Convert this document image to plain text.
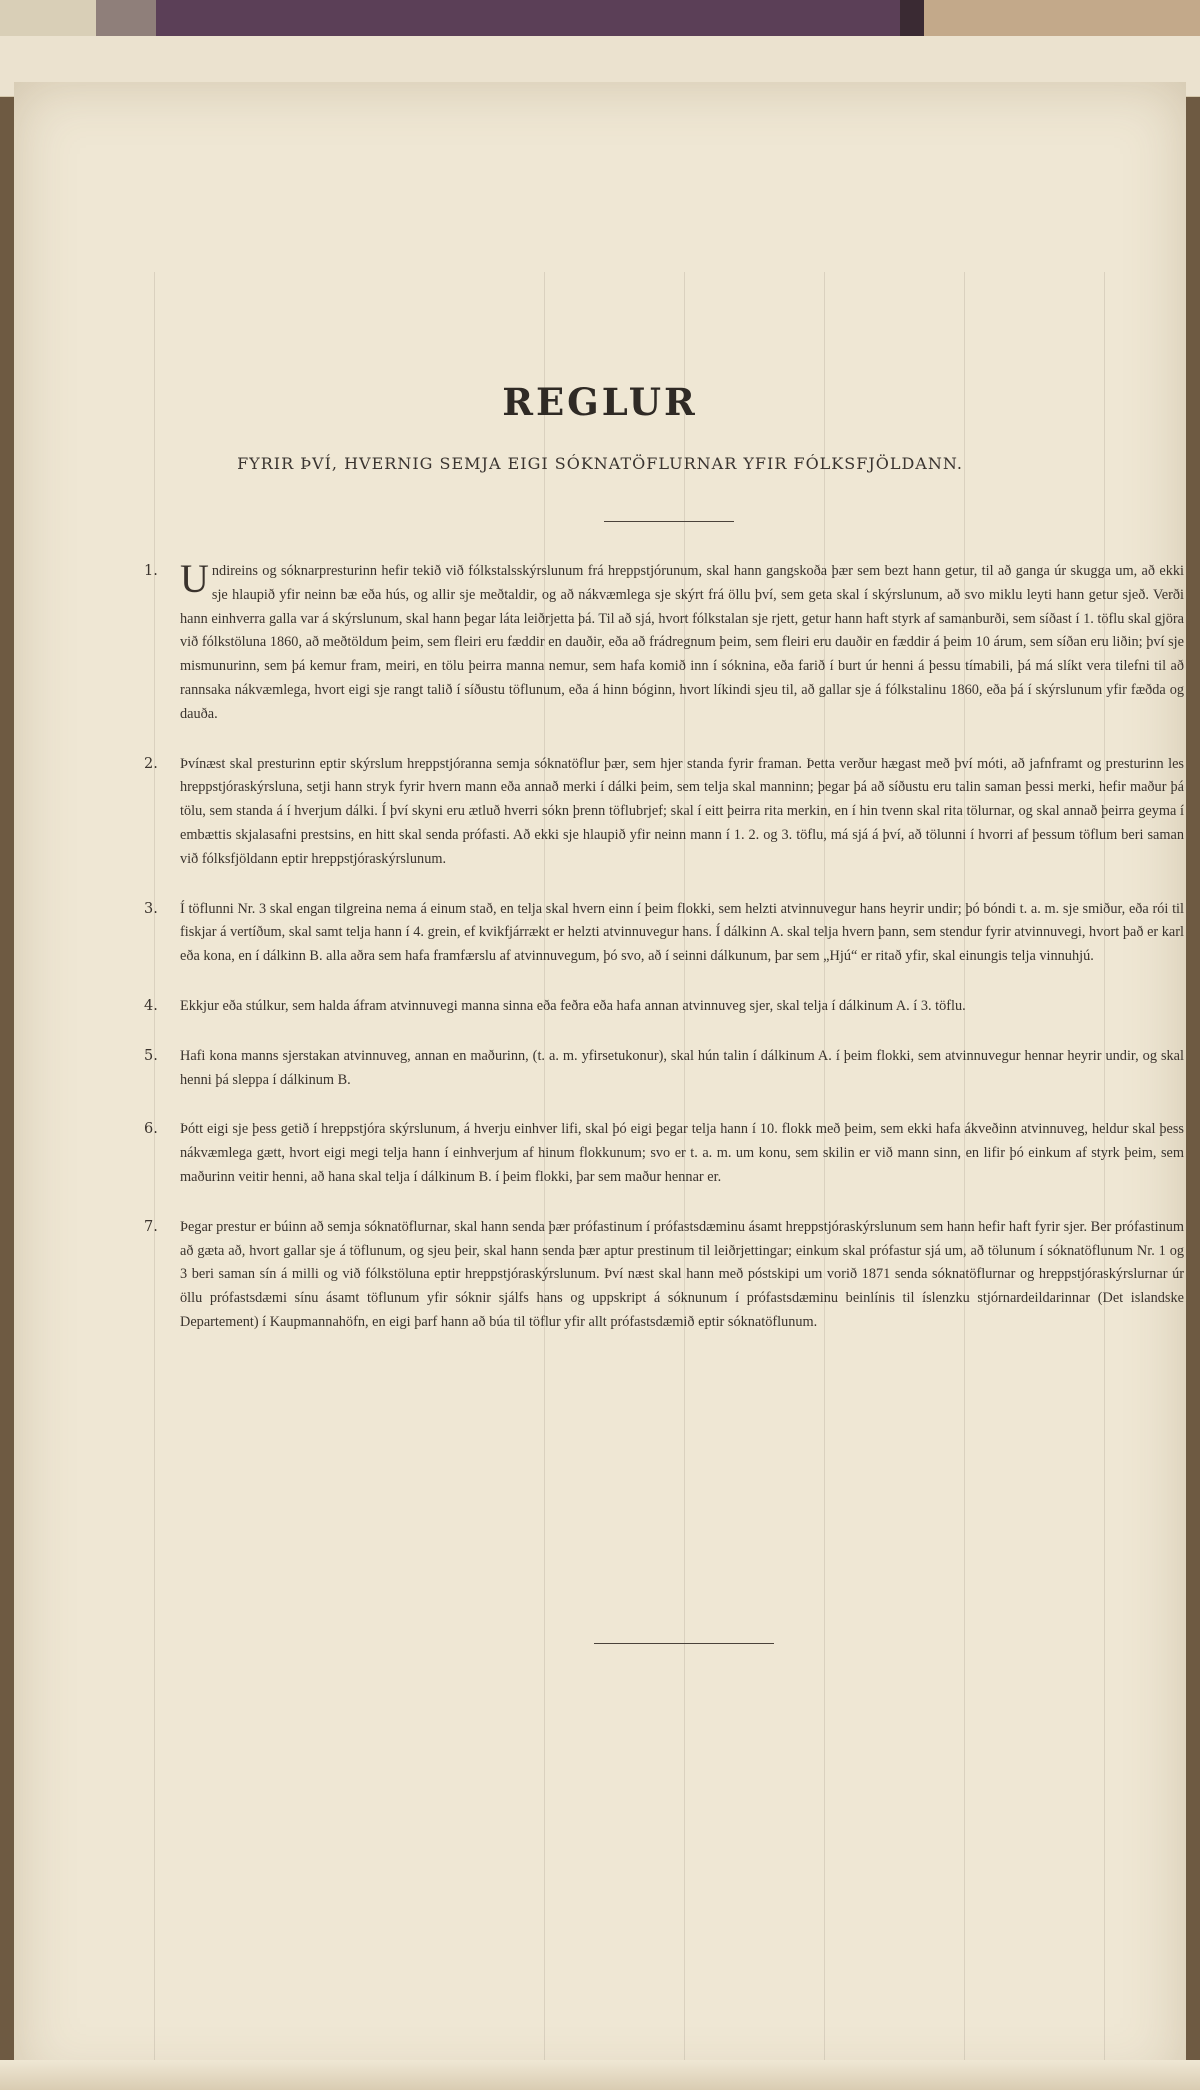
REGLUR
FYRIR ÞVÍ, HVERNIG SEMJA EIGI SÓKNATÖFLURNAR YFIR FÓLKSFJÖLDANN.
1.	Undireins og sóknarpresturinn hefir tekið við fólkstalsskýrslunum frá hreppstjórunum, skal hann gangskoða þær sem bezt hann getur, til að ganga úr skugga um, að ekki sje hlaupið yfir neinn bæ eða hús, og allir sje meðtaldir, og að nákvæmlega sje skýrt frá öllu því, sem geta skal í skýrslunum, að svo miklu leyti hann getur sjeð. Verði hann einhverra galla var á skýrslunum, skal hann þegar láta leiðrjetta þá. Til að sjá, hvort fólkstalan sje rjett, getur hann haft styrk af samanburði, sem síðast í 1. töflu skal gjöra við fólkstöluna 1860, að meðtöldum þeim, sem fleiri eru fæddir en dauðir, eða að frádregnum þeim, sem fleiri eru dauðir en fæddir á þeim 10 árum, sem síðan eru liðin; því sje mismunurinn, sem þá kemur fram, meiri, en tölu þeirra manna nemur, sem hafa komið inn í sóknina, eða farið í burt úr henni á þessu tímabili, þá má slíkt vera tilefni til að rannsaka nákvæmlega, hvort eigi sje rangt talið í síðustu töflunum, eða á hinn bóginn, hvort líkindi sjeu til, að gallar sje á fólkstalinu 1860, eða þá í skýrslunum yfir fæðda og dauða.
2.	Þvínæst skal presturinn eptir skýrslum hreppstjóranna semja sóknatöflur þær, sem hjer standa fyrir framan. Þetta verður hægast með því móti, að jafnframt og presturinn les hreppstjóraskýrsluna, setji hann stryk fyrir hvern mann eða annað merki í dálki þeim, sem telja skal manninn; þegar þá að síðustu eru talin saman þessi merki, hefir maður þá tölu, sem standa á í hverjum dálki. Í því skyni eru ætluð hverri sókn þrenn töflubrjef; skal í eitt þeirra rita merkin, en í hin tvenn skal rita tölurnar, og skal annað þeirra geyma í embættis skjalasafni prestsins, en hitt skal senda prófasti. Að ekki sje hlaupið yfir neinn mann í 1. 2. og 3. töflu, má sjá á því, að tölunni í hvorri af þessum töflum beri saman við fólksfjöldann eptir hreppstjóraskýrslunum.
3.	Í töflunni Nr. 3 skal engan tilgreina nema á einum stað, en telja skal hvern einn í þeim flokki, sem helzti atvinnuvegur hans heyrir undir; þó bóndi t. a. m. sje smiður, eða rói til fiskjar á vertíðum, skal samt telja hann í 4. grein, ef kvikfjárrækt er helzti atvinnuvegur hans. Í dálkinn A. skal telja hvern þann, sem stendur fyrir atvinnuvegi, hvort það er karl eða kona, en í dálkinn B. alla aðra sem hafa framfærslu af atvinnuvegum, þó svo, að í seinni dálkunum, þar sem „Hjú“ er ritað yfir, skal einungis telja vinnuhjú.
4.	Ekkjur eða stúlkur, sem halda áfram atvinnuvegi manna sinna eða feðra eða hafa annan atvinnuveg sjer, skal telja í dálkinum A. í 3. töflu.
5.	Hafi kona manns sjerstakan atvinnuveg, annan en maðurinn, (t. a. m. yfirsetukonur), skal hún talin í dálkinum A. í þeim flokki, sem atvinnuvegur hennar heyrir undir, og skal henni þá sleppa í dálkinum B.
6.	Þótt eigi sje þess getið í hreppstjóra skýrslunum, á hverju einhver lifi, skal þó eigi þegar telja hann í 10. flokk með þeim, sem ekki hafa ákveðinn atvinnuveg, heldur skal þess nákvæmlega gætt, hvort eigi megi telja hann í einhverjum af hinum flokkunum; svo er t. a. m. um konu, sem skilin er við mann sinn, en lifir þó einkum af styrk þeim, sem maðurinn veitir henni, að hana skal telja í dálkinum B. í þeim flokki, þar sem maður hennar er.
7.	Þegar prestur er búinn að semja sóknatöflurnar, skal hann senda þær prófastinum í prófastsdæminu ásamt hreppstjóraskýrslunum sem hann hefir haft fyrir sjer. Ber prófastinum að gæta að, hvort gallar sje á töflunum, og sjeu þeir, skal hann senda þær aptur prestinum til leiðrjettingar; einkum skal prófastur sjá um, að tölunum í sóknatöflunum Nr. 1 og 3 beri saman sín á milli og við fólkstöluna eptir hreppstjóraskýrslunum. Því næst skal hann með póstskipi um vorið 1871 senda sóknatöflurnar og hreppstjóraskýrslurnar úr öllu prófastsdæmi sínu ásamt töflunum yfir sóknir sjálfs hans og uppskript á sóknunum í prófastsdæminu beinlínis til íslenzku stjórnardeildarinnar (Det islandske Departement) í Kaupmannahöfn, en eigi þarf hann að búa til töflur yfir allt prófastsdæmið eptir sóknatöflunum.
